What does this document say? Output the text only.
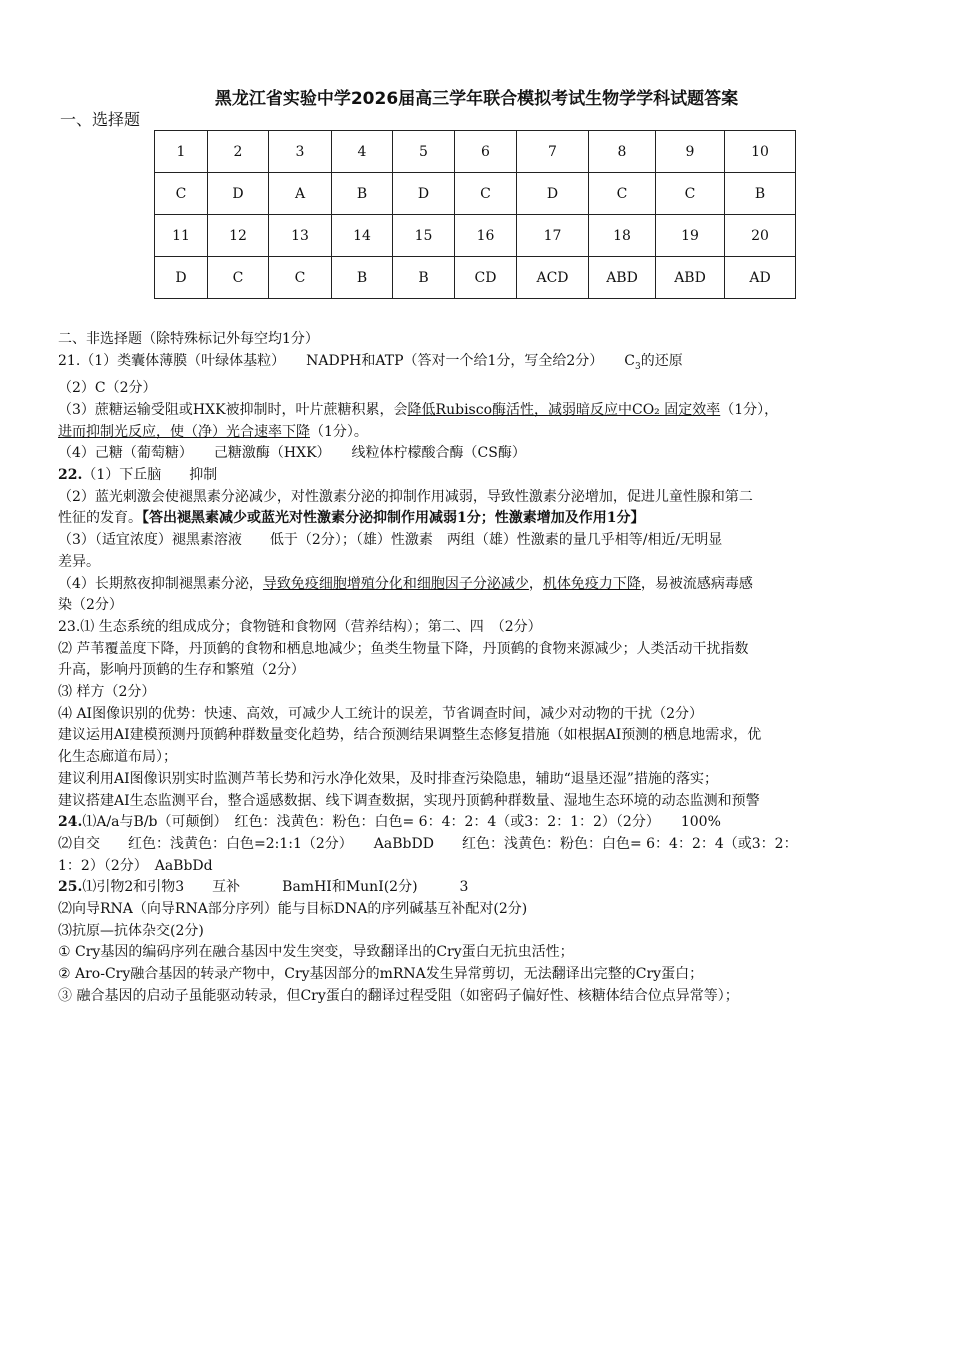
黑龙江省实验中学2026届高三学年联合模拟考试生物学学科试题答案
一、选择题
1	2	3	4	5	6	7	8	9	10
C	D	A	B	D	C	D	C	C	B
11	12	13	14	15	16	17	18	19	20
D	C	C	B	B	CD	ACD	ABD	ABD	AD

二、非选择题（除特殊标记外每空均1分）

21.（1）类囊体薄膜（叶绿体基粒）　　NADPH和ATP（答对一个给1分，写全给2分）　　$C_3$的还原

（2）C（2分）

（3）蔗糖运输受阻或HXK被抑制时，叶片蔗糖积累，会降低Rubisco酶活性，减弱暗反应中CO₂ 固定效率（1分），

进而抑制光反应，使（净）光合速率下降（1分）。

（4）己糖（葡萄糖）　　己糖激酶（HXK）　　线粒体柠檬酸合酶（CS酶）

22.（1）下丘脑　　抑制

（2）蓝光刺激会使褪黑素分泌减少，对性激素分泌的抑制作用减弱，导致性激素分泌增加，促进儿童性腺和第二

性征的发育。【答出褪黑素减少或蓝光对性激素分泌抑制作用减弱1分；性激素增加及作用1分】

（3）（适宜浓度）褪黑素溶液　　低于（2分）；（雄）性激素　两组（雄）性激素的量几乎相等/相近/无明显

差异。

（4）长期熬夜抑制褪黑素分泌，导致免疫细胞增殖分化和细胞因子分泌减少，机体免疫力下降，易被流感病毒感

染（2分）

23.⑴ 生态系统的组成成分；食物链和食物网（营养结构）；第二、四　（2分）

⑵ 芦苇覆盖度下降，丹顶鹤的食物和栖息地减少；鱼类生物量下降，丹顶鹤的食物来源减少；人类活动干扰指数

升高，影响丹顶鹤的生存和繁殖（2分）

⑶ 样方（2分）

⑷ AI图像识别的优势：快速、高效，可减少人工统计的误差，节省调查时间，减少对动物的干扰（2分）

建议运用AI建模预测丹顶鹤种群数量变化趋势，结合预测结果调整生态修复措施（如根据AI预测的栖息地需求，优

化生态廊道布局）；

建议利用AI图像识别实时监测芦苇长势和污水净化效果，及时排查污染隐患，辅助“退垦还湿”措施的落实；

建议搭建AI生态监测平台，整合遥感数据、线下调查数据，实现丹顶鹤种群数量、湿地生态环境的动态监测和预警

24.⑴A/a与B/b（可颠倒）　红色：浅黄色：粉色：白色= 6：4：2：4（或3：2：1：2）（2分）　　100%

⑵自交　　红色：浅黄色：白色=2:1:1（2分）　　AaBbDD　　红色：浅黄色：粉色：白色= 6：4：2：4（或3：2：

1：2）（2分）　AaBbDd

25.⑴引物2和引物3　　互补　　　BamHI和MunI(2分)　　　3

⑵向导RNA（向导RNA部分序列）能与目标DNA的序列碱基互补配对(2分)

⑶抗原—抗体杂交(2分)

① Cry基因的编码序列在融合基因中发生突变，导致翻译出的Cry蛋白无抗虫活性；

② Aro-Cry融合基因的转录产物中，Cry基因部分的mRNA发生异常剪切，无法翻译出完整的Cry蛋白；

③ 融合基因的启动子虽能驱动转录，但Cry蛋白的翻译过程受阻（如密码子偏好性、核糖体结合位点异常等）；
